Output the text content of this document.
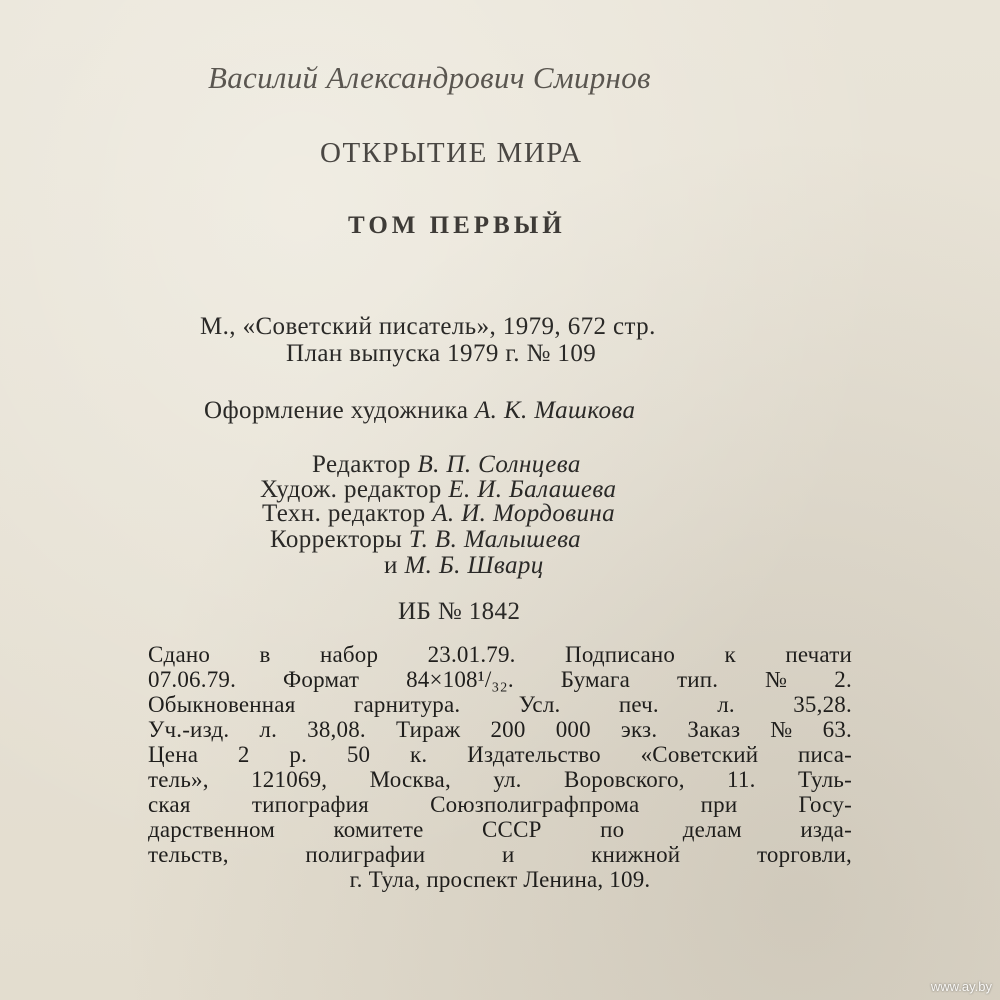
Василий Александрович Смирнов

ОТКРЫТИЕ МИРА

ТОМ ПЕРВЫЙ

М., «Советский писатель», 1979, 672 стр.

План выпуска 1979 г. № 109

Оформление художника А. К. Машкова

Редактор В. П. Солнцева

Худож. редактор Е. И. Балашева

Техн. редактор А. И. Мордовина

Корректоры Т. В. Малышева

и М. Б. Шварц

ИБ № 1842

Сдано в набор 23.01.79. Подписано к печати
07.06.79. Формат 84×108¹/₃₂. Бумага тип. № 2.
Обыкновенная	гарнитура.	Усл.	печ.	л.	35,28.
Уч.-изд. л. 38,08. Тираж 200 000 экз. Заказ № 63.
Цена 2 р. 50 к. Издательство «Советский писа-
тель», 121069, Москва, ул. Воровского, 11. Туль-
ская	типография	Союзполиграфпрома	при	Госу-
дарственном	комитете	СССР	по	делам	изда-
тельств,	полиграфии	и	книжной	торговли,
г. Тула, проспект Ленина, 109.
www.ay.by
